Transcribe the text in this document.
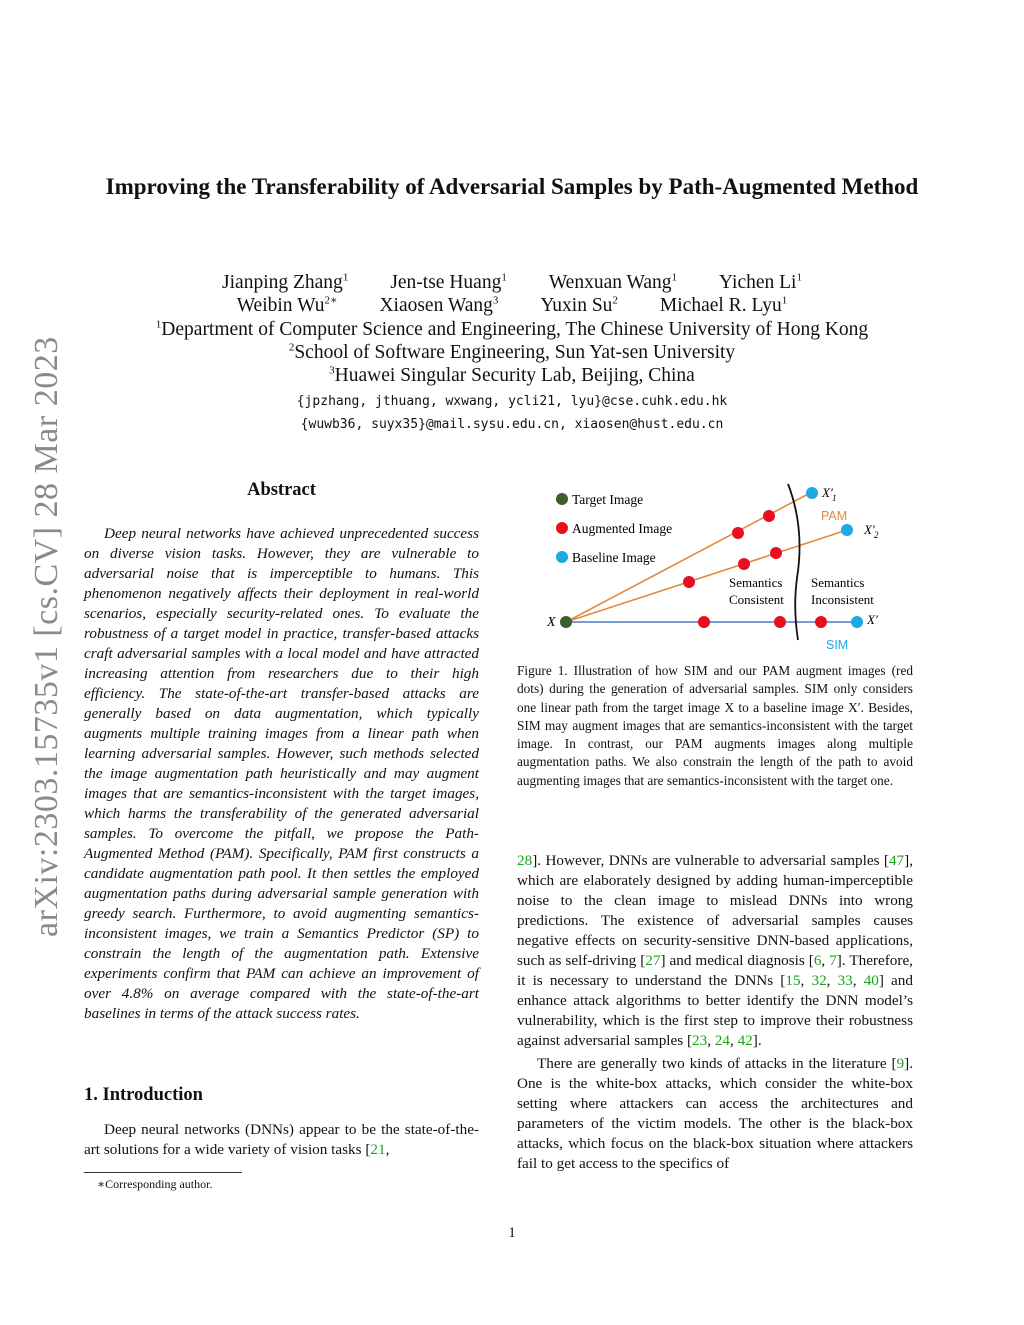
Improving the Transferability of Adversarial Samples by Path-Augmented Method
Jianping Zhang$^1$ Jen-tse Huang$^1$ Wenxuan Wang$^1$ Yichen Li$^1$
Weibin $Wu^{2∗}$ Xiaosen Wang$^3$ Yuxin Su$^2$ Michael R. Lyu$^1$
$^1$Department of Computer Science and Engineering, The Chinese University of Hong Kong
$^2$School of Software Engineering, Sun Yat-sen University
$^3$Huawei Singular Security Lab, Beijing, China
{jpzhang, jthuang, wxwang, ycli21, lyu}@cse.cuhk.edu.hk
{wuwb36, suyx35}@mail.sysu.edu.cn, xiaosen@hust.edu.cn
arXiv:2303.15735v1 [cs.CV] 28 Mar 2023	Abstract
Deep neural networks have achieved unprecedented success on diverse vision tasks. However, they are vulnerable to adversarial noise that is imperceptible to humans. This phenomenon negatively affects their deployment in real-world scenarios, especially security-related ones. To evaluate the robustness of a target model in practice, transfer-based attacks craft adversarial samples with a local model and have attracted increasing attention from researchers due to their high efficiency. The state-of-the-art transfer-based attacks are generally based on data augmentation, which typically augments multiple training images from a linear path when learning adversarial samples. However, such methods selected the image augmentation path heuristically and may augment images that are semantics-inconsistent with the target images, which harms the transferability of the generated adversarial samples. To overcome the pitfall, we propose the Path-Augmented Method (PAM). Specifically, PAM first constructs a candidate augmentation path pool. It then settles the employed augmentation paths during adversarial sample generation with greedy search. Furthermore, to avoid augmenting semantics-inconsistent images, we train a Semantics Predictor (SP) to constrain the length of the augmentation path. Extensive experiments confirm that PAM can achieve an improvement of over 4.8% on average compared with the state-of-the-art baselines in terms of the attack success rates.
1. Introduction
Deep neural networks (DNNs) appear to be the state-of-the-art solutions for a wide variety of vision tasks [21,
∗Corresponding author.
Target Image
Augmented Image
Baseline Image
X
X′ 1
PAM
X′ 2
X′
SIM
Semantics
Consistent
Semantics
Inconsistent
Figure 1. Illustration of how SIM and our PAM augment images (red dots) during the generation of adversarial samples. SIM only considers one linear path from the target image X to a baseline image X′. Besides, SIM may augment images that are semantics-inconsistent with the target image. In contrast, our PAM augments images along multiple augmentation paths. We also constrain the length of the path to avoid augmenting images that are semantics-inconsistent with the target one.

28]. However, DNNs are vulnerable to adversarial samples [47], which are elaborately designed by adding human-imperceptible noise to the clean image to mislead DNNs into wrong predictions. The existence of adversarial samples causes negative effects on security-sensitive DNN-based applications, such as self-driving [27] and medical diagnosis [6, 7]. Therefore, it is necessary to understand the DNNs [15, 32, 33, 40] and enhance attack algorithms to better identify the DNN model’s vulnerability, which is the first step to improve their robustness against adversarial samples [23, 24, 42].

There are generally two kinds of attacks in the literature [9]. One is the white-box attacks, which consider the white-box setting where attackers can access the architectures and parameters of the victim models. The other is the black-box attacks, which focus on the black-box situation where attackers fail to get access to the specifics of

1
